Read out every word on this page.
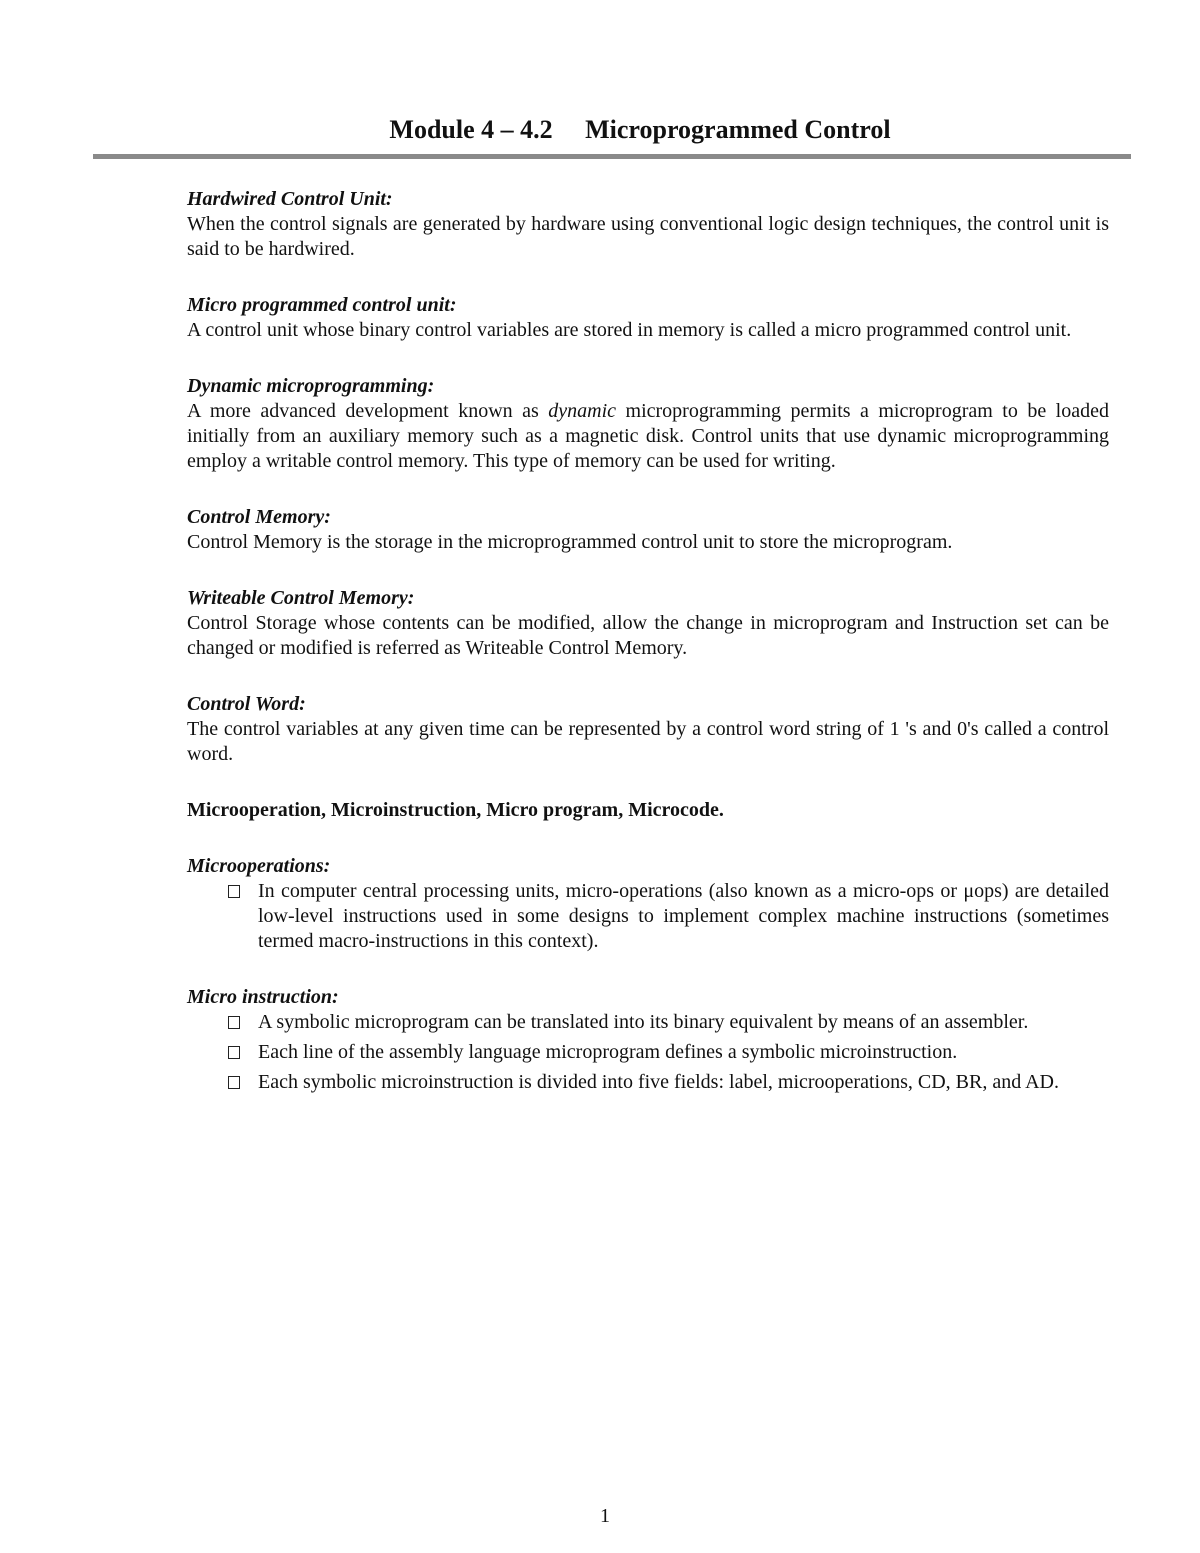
Module 4 – 4.2     Microprogrammed Control

Hardwired Control Unit:

When the control signals are generated by hardware using conventional logic design techniques, the control unit is said to be hardwired.

Micro programmed control unit:

A control unit whose binary control variables are stored in memory is called a micro programmed control unit.

Dynamic microprogramming:

A more advanced development known as dynamic microprogramming permits a microprogram to be loaded initially from an auxiliary memory such as a magnetic disk. Control units that use dynamic microprogramming employ a writable control memory. This type of memory can be used for writing.

Control Memory:

Control Memory is the storage in the microprogrammed control unit to store the microprogram.

Writeable Control Memory:

Control Storage whose contents can be modified, allow the change in microprogram and Instruction set can be changed or modified is referred as Writeable Control Memory.

Control Word:

The control variables at any given time can be represented by a control word string of 1 's and 0's called a control word.

Microoperation, Microinstruction, Micro program, Microcode.

Microoperations:

In computer central processing units, micro-operations (also known as a micro-ops or μops) are detailed low-level instructions used in some designs to implement complex machine instructions (sometimes termed macro-instructions in this context).

Micro instruction:

A symbolic microprogram can be translated into its binary equivalent by means of an assembler.
Each line of the assembly language microprogram defines a symbolic microinstruction.
Each symbolic microinstruction is divided into five fields: label, microoperations, CD, BR, and AD.
1
